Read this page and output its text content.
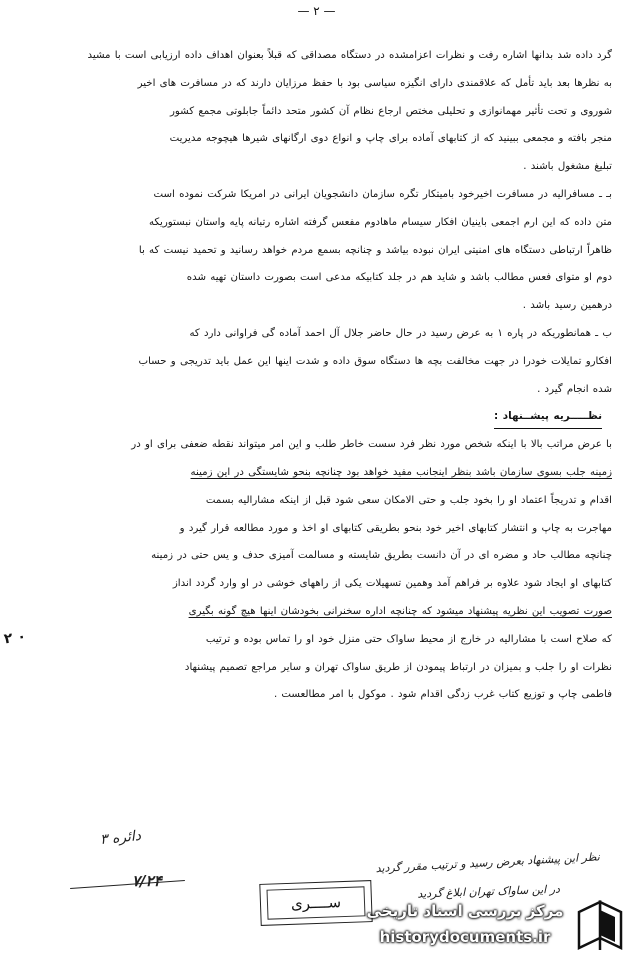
— ۲ —

گرد داده شد بدانها اشاره رفت و نظرات اعزامشده در دستگاه مصداقی که قبلاً بعنوان اهداف داده ارزیابی است با مشید

به نظرها بعد باید تأمل که علاقمندی دارای انگیزه سیاسی بود با حفظ مرزایان دارند که در مسافرت های اخیر

شوروی و تحت تأثیر مهمانوازی و تحلیلی مختص ارجاع نظام آن کشور متحد دائماً جابلوتی مجمع کشور

منجر بافته و مجمعی ببینید که از کتابهای آماده برای چاپ و انواع دوی ارگانهای شیرها هیچوجه مدیریت

تبلیغ مشغول باشند .

بـ ـ مسافرالیه در مسافرت اخیرخود بامیتکار تگره سازمان دانشجویان ایرانی در امریکا شرکت نموده است

متن داده که این ارم اجمعی باینیان افکار سیسام ماهادوم مفعس گرفته اشاره رتبانه پایه واستان نبستوریکه

ظاهراً ارتباطی دستگاه های امنیتی ایران نبوده بیاشد و چنانچه بسمع مردم خواهد رسانید و تحمید نیست که با

دوم او متوای فعس مطالب باشد و شاید هم در جلد کتابیکه مدعی است بصورت داستان تهیه شده

درهمین رسید باشد .

ب ـ همانطوریکه در پاره ۱ به عرض رسید در حال حاضر جلال آل احمد آماده گی فراوانی دارد که

افکارو تمایلات خودرا در جهت مخالفت بچه ها دستگاه سوق داده و شدت اینها این عمل باید تدریجی و حساب

شده انجام گیرد .

نظـــــریه پیشــنهاد :

با عرض مراتب بالا با اینکه شخص مورد نظر فرد سست خاطر طلب و این امر میتواند نقطه ضعفی برای او در

زمینه جلب بسوی سازمان باشد بنظر اینجانب مفید خواهد بود چنانچه بنحو شایستگی در این زمینه

اقدام و تدریجاً اعتماد او را بخود جلب و حتی الامکان سعی شود قبل از اینکه مشارالیه بسمت

مهاجرت به چاپ و انتشار کتابهای اخیر خود بنحو بطریقی کتابهای او اخذ و مورد مطالعه قرار گیرد و

چنانچه مطالب حاد و مضره ای در آن دانست بطریق شایسته و مسالمت آمیزی حدف و یس حتی در زمینه

کتابهای او ایجاد شود علاوه بر فراهم آمد وهمین تسهیلات یکی از راههای خوشی در او وارد گردد انداز

صورت تصویب این نظریه پیشنهاد میشود که چنانچه اداره سخنرانی بخودشان اینها هیچ گونه بگیری

که صلاح است با مشارالیه در خارج از محیط ساواک حتی منزل خود او را تماس بوده و ترتیب

نظرات او را جلب و بمیزان در ارتباط پیمودن از طریق ساواک تهران و سایر مراجع تصمیم پیشنهاد

فاطمی چاپ و توزیع کتاب غرب زدگی اقدام شود . موکول با امر مطالعست .

۲ ۰
دائره ۳
۷/۲۴
نظر این پیشنهاد بعرض رسید و ترتیب مقرر گردید
در این ساواک تهران ابلاغ گردید
ســــری	مرکز بررسی اسناد تاریخی
historydocuments.ir
